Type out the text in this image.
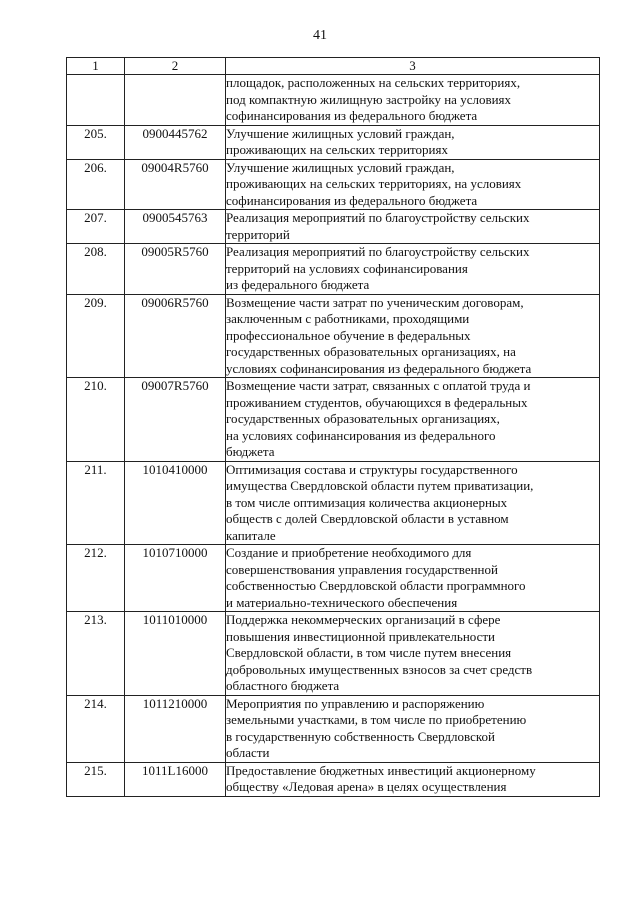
41
1	2	3

		площадок, расположенных на сельских территориях,
под компактную жилищную застройку на условиях
софинансирования из федерального бюджета

205.	0900445762	Улучшение жилищных условий граждан,
проживающих на сельских территориях

206.	09004R5760	Улучшение жилищных условий граждан,
проживающих на сельских территориях, на условиях
софинансирования из федерального бюджета

207.	0900545763	Реализация мероприятий по благоустройству сельских
территорий

208.	09005R5760	Реализация мероприятий по благоустройству сельских
территорий на условиях софинансирования
из федерального бюджета

209.	09006R5760	Возмещение части затрат по ученическим договорам,
заключенным с работниками, проходящими
профессиональное обучение в федеральных
государственных образовательных организациях, на
условиях софинансирования из федерального бюджета

210.	09007R5760	Возмещение части затрат, связанных с оплатой труда и
проживанием студентов, обучающихся в федеральных
государственных образовательных организациях,
на условиях софинансирования из федерального
бюджета

211.	1010410000	Оптимизация состава и структуры государственного
имущества Свердловской области путем приватизации,
в том числе оптимизация количества акционерных
обществ с долей Свердловской области в уставном
капитале

212.	1010710000	Создание и приобретение необходимого для
совершенствования управления государственной
собственностью Свердловской области программного
и материально-технического обеспечения

213.	1011010000	Поддержка некоммерческих организаций в сфере
повышения инвестиционной привлекательности
Свердловской области, в том числе путем внесения
добровольных имущественных взносов за счет средств
областного бюджета

214.	1011210000	Мероприятия по управлению и распоряжению
земельными участками, в том числе по приобретению
в государственную собственность Свердловской
области

215.	1011L16000	Предоставление бюджетных инвестиций акционерному
обществу «Ледовая арена» в целях осуществления
